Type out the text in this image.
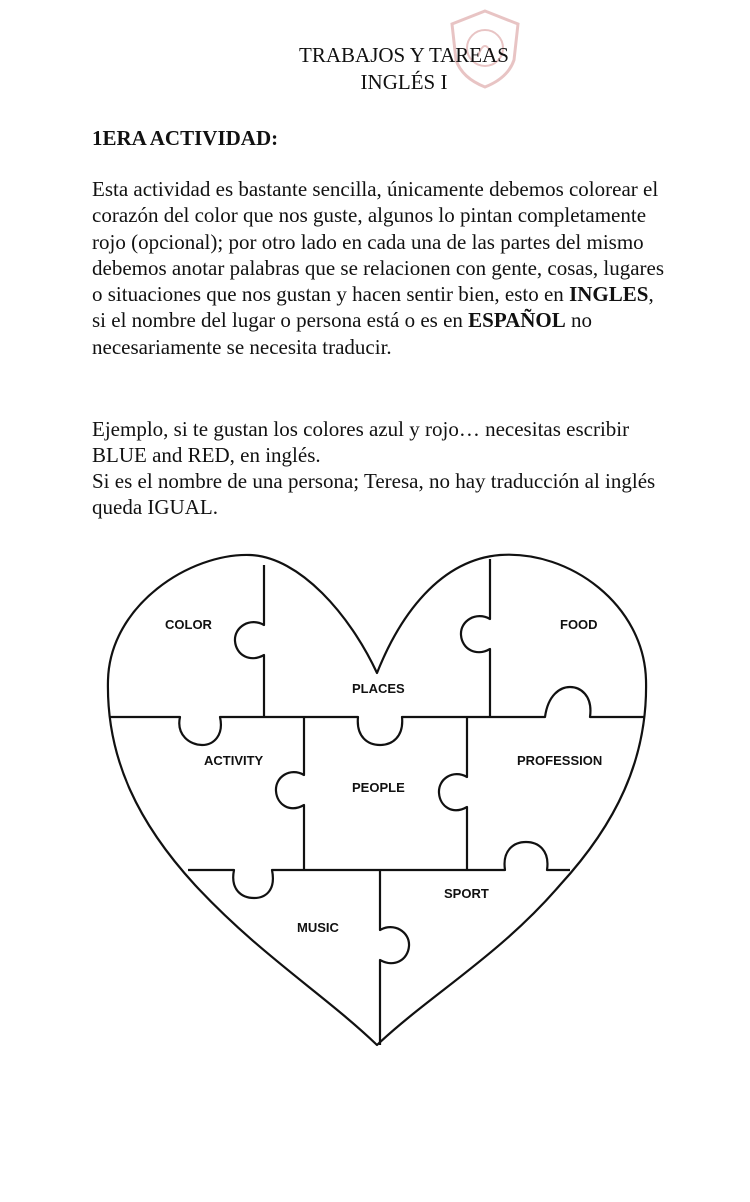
TRABAJOS Y TAREAS
INGLÉS I
1ERA ACTIVIDAD:

Esta actividad es bastante sencilla, únicamente debemos colorear el corazón del color que nos guste, algunos lo pintan completamente rojo (opcional); por otro lado en cada una de las partes del mismo debemos anotar palabras que se relacionen con gente, cosas, lugares o situaciones que nos gustan y hacen sentir bien, esto en INGLES, si el nombre del lugar o persona está o es en ESPAÑOL no necesariamente se necesita traducir.

Ejemplo, si te gustan los colores azul y rojo… necesitas escribir BLUE and RED, en inglés.

Si es el nombre de una persona; Teresa, no hay traducción al inglés queda IGUAL.

COLOR	FOOD
PLACES
ACTIVITY
PEOPLE
PROFESSION
SPORT
MUSIC
